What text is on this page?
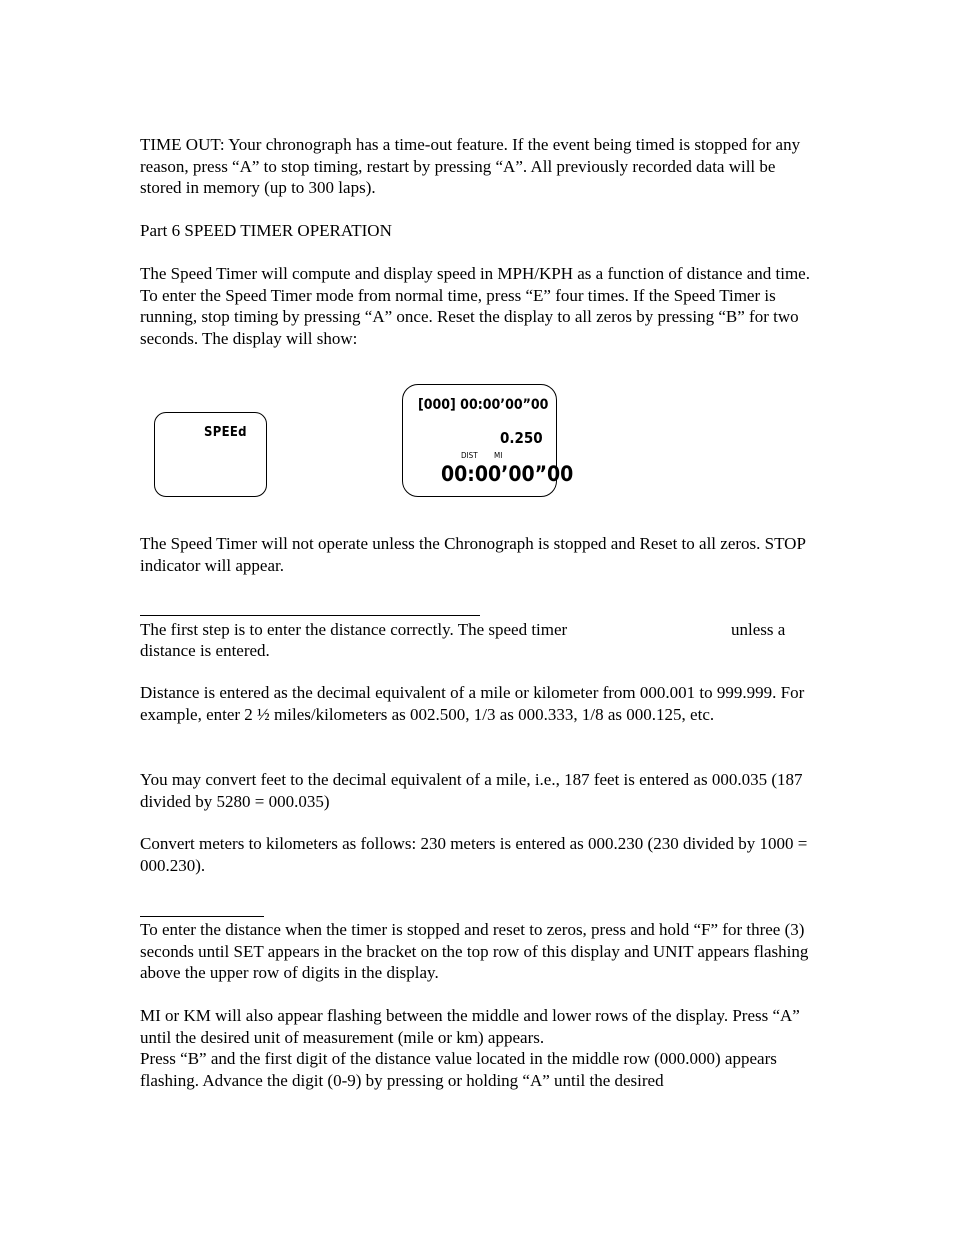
TIME OUT: Your chronograph has a time-out feature. If the event being timed is stopped for any reason, press “A” to stop timing, restart by pressing “A”. All previously recorded data will be stored in memory (up to 300 laps).

Part 6 SPEED TIMER OPERATION

The Speed Timer will compute and display speed in MPH/KPH as a function of distance and time. To enter the Speed Timer mode from normal time, press “E” four times. If the Speed Timer is running, stop timing by pressing “A” once. Reset the display to all zeros by pressing “B” for two seconds. The display will show:

SPEEd
[000] 00:00’00”00
0.250
DIST MI
00:00’00”00

The Speed Timer will not operate unless the Chronograph is stopped and Reset to all zeros. STOP indicator will appear.

The first step is to enter the distance correctly. The speed timer	unless a
distance is entered.

Distance is entered as the decimal equivalent of a mile or kilometer from 000.001 to 999.999. For example, enter 2 ½ miles/kilometers as 002.500, 1/3 as 000.333, 1/8 as 000.125, etc.

You may convert feet to the decimal equivalent of a mile, i.e., 187 feet is entered as 000.035 (187 divided by 5280 = 000.035)

Convert meters to kilometers as follows: 230 meters is entered as 000.230 (230 divided by 1000 = 000.230).

To enter the distance when the timer is stopped and reset to zeros, press and hold “F” for three (3) seconds until SET appears in the bracket on the top row of this display and UNIT appears flashing above the upper row of digits in the display.

MI or KM will also appear flashing between the middle and lower rows of the display. Press “A” until the desired unit of measurement (mile or km) appears.

Press “B” and the first digit of the distance value located in the middle row (000.000) appears flashing. Advance the digit (0-9) by pressing or holding “A” until the desired
